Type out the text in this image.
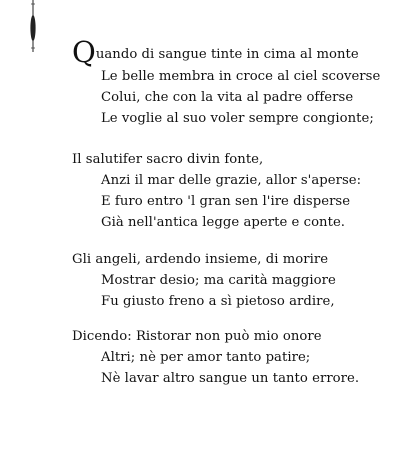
Quando di sangue tinte in cima al monte
Le belle membra in croce al ciel scoverse
Colui, che con la vita al padre offerse
Le voglie al suo voler sempre congionte;
Il salutifer sacro divin fonte,
Anzi il mar delle grazie, allor s'aperse:
E furo entro 'l gran sen l'ire disperse
Già nell'antica legge aperte e conte.
Gli angeli, ardendo insieme, di morire
Mostrar desio; ma carità maggiore
Fu giusto freno a sì pietoso ardire,
Dicendo: Ristorar non può mio onore
Altri; nè per amor tanto patire;
Nè lavar altro sangue un tanto errore.
